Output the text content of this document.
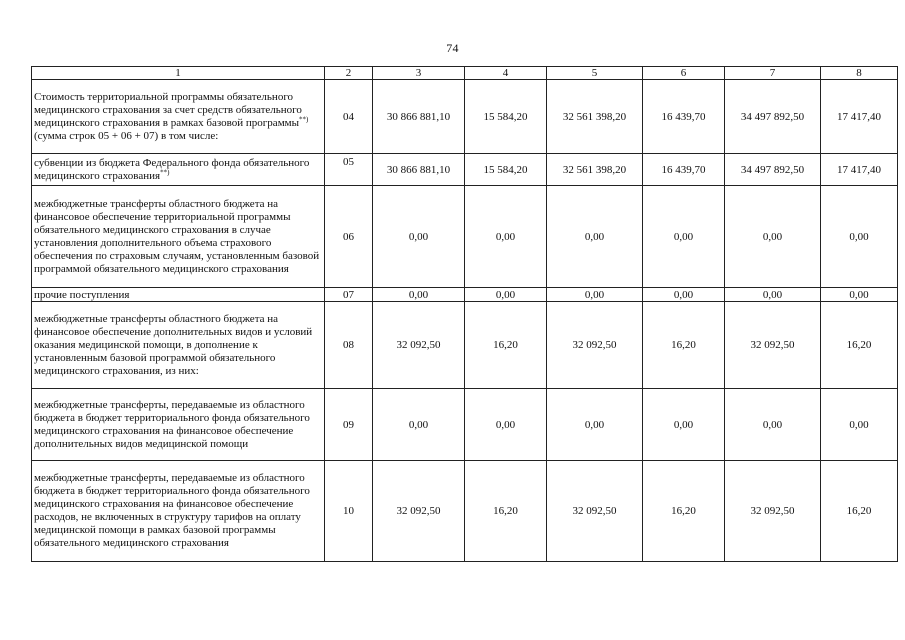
74
1	2	3	4	5	6	7	8
Стоимость территориальной программы обязательного медицинского страхования за счет средств обязательного медицинского страхования в рамках базовой программы**) (сумма строк 05 + 06 + 07) в том числе:	04	30 866 881,10	15 584,20	32 561 398,20	16 439,70	34 497 892,50	17 417,40
субвенции из бюджета Федерального фонда обязательного медицинского страхования**)	05	30 866 881,10	15 584,20	32 561 398,20	16 439,70	34 497 892,50	17 417,40
межбюджетные трансферты областного бюджета на финансовое обеспечение территориальной программы обязательного медицинского страхования в случае установления дополнительного объема страхового обеспечения по страховым случаям, установленным базовой программой обязательного медицинского страхования	06	0,00	0,00	0,00	0,00	0,00	0,00
прочие поступления	07	0,00	0,00	0,00	0,00	0,00	0,00
межбюджетные трансферты областного бюджета на финансовое обеспечение дополнительных видов и условий оказания медицинской помощи, в дополнение к установленным базовой программой обязательного медицинского страхования, из них:	08	32 092,50	16,20	32 092,50	16,20	32 092,50	16,20
межбюджетные трансферты, передаваемые из областного бюджета в бюджет территориального фонда обязательного медицинского страхования на финансовое обеспечение дополнительных видов медицинской помощи	09	0,00	0,00	0,00	0,00	0,00	0,00
межбюджетные трансферты, передаваемые из областного бюджета в бюджет территориального фонда обязательного медицинского страхования на финансовое обеспечение расходов, не включенных в структуру тарифов на оплату медицинской помощи в рамках базовой программы обязательного медицинского страхования	10	32 092,50	16,20	32 092,50	16,20	32 092,50	16,20
